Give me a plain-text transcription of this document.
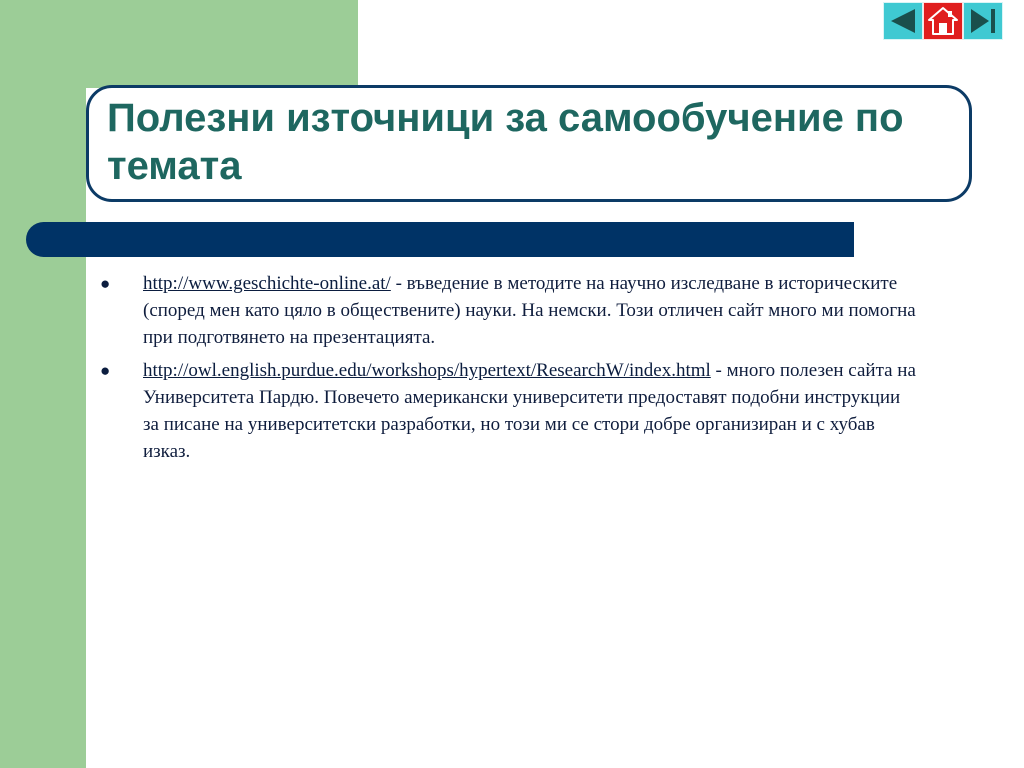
Полезни източници за самообучение по темата
●	http://www.geschichte-online.at/ - въведение в методите на научно изследване в историческите (според мен като цяло в обществените) науки. На немски. Този отличен сайт много ми помогна при подготвянето на презентацията.
●	http://owl.english.purdue.edu/workshops/hypertext/ResearchW/index.html - много полезен сайта на Университета Пардю. Повечето американски университети предоставят подобни инструкции за писане на университетски разработки, но този ми се стори добре организиран и с хубав изказ.
